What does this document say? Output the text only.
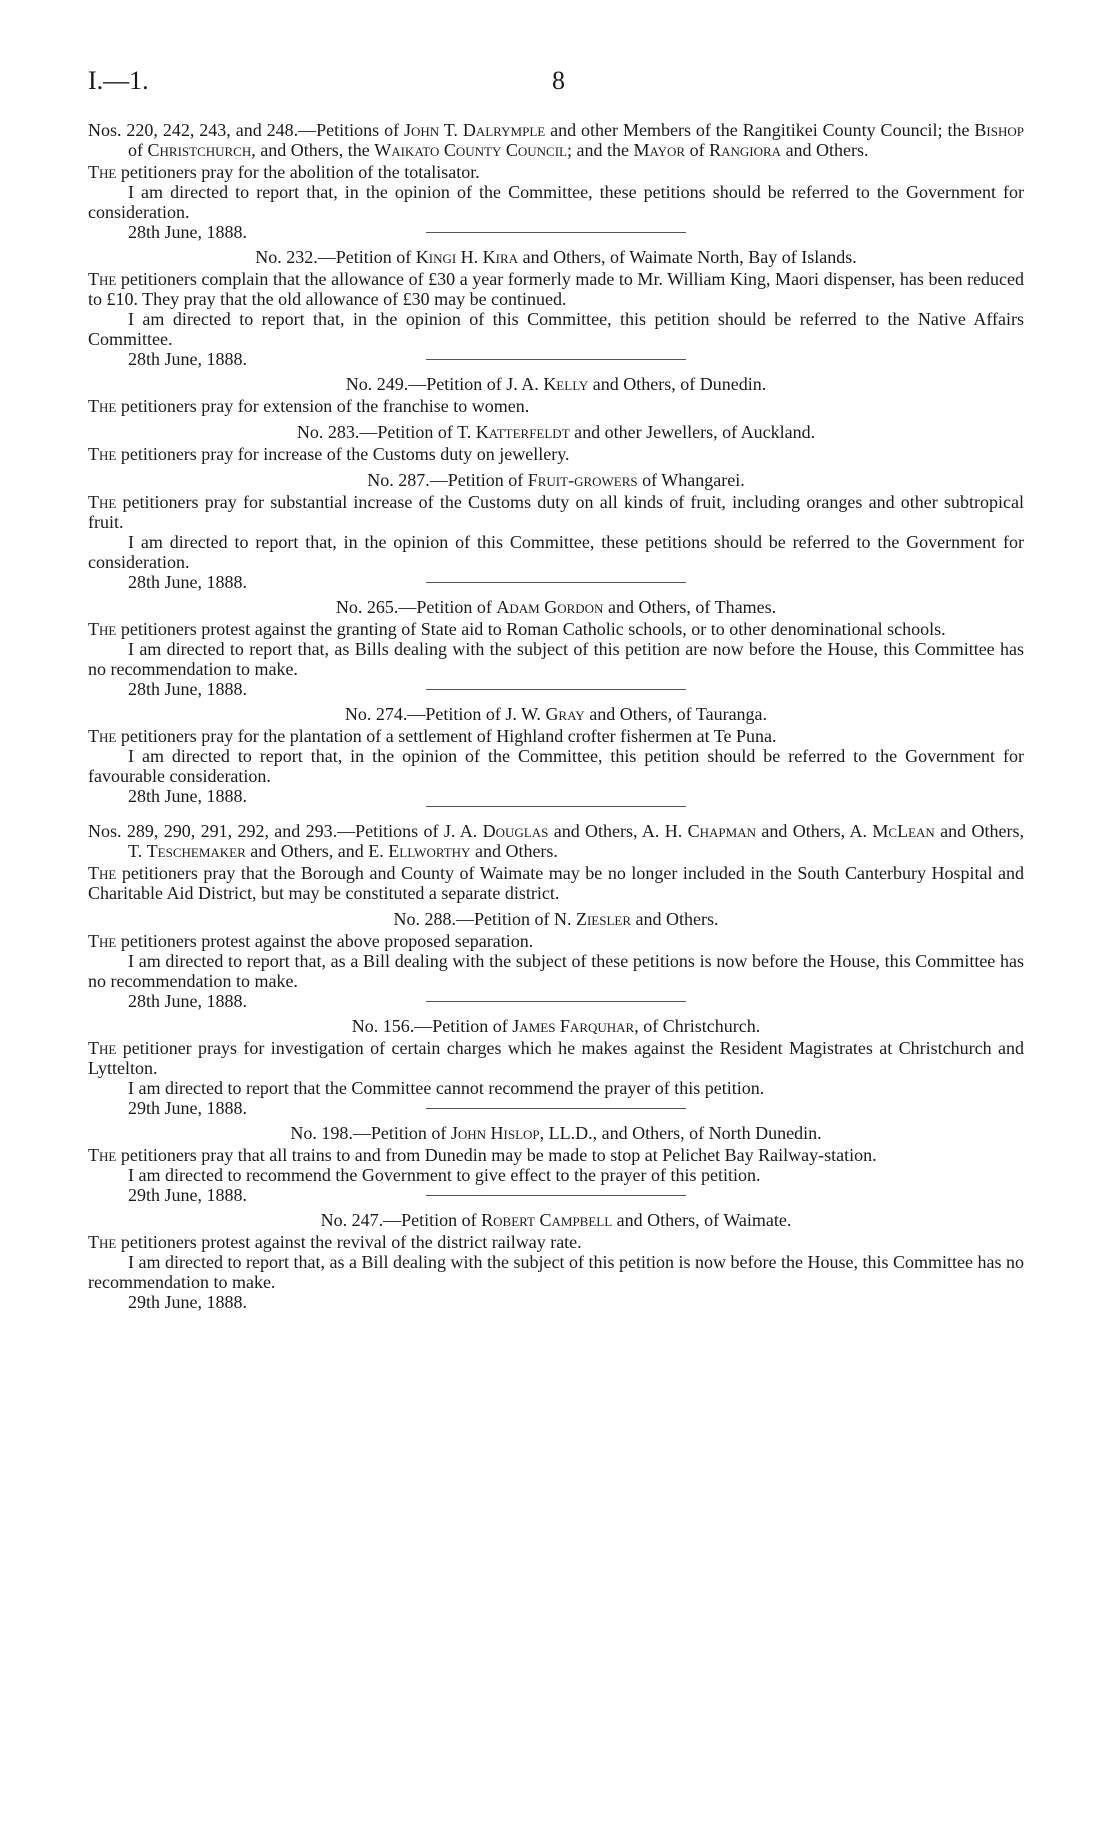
I.—1.	8

Nos. 220, 242, 243, and 248.—Petitions of John T. Dalrymple and other Members of the Rangitikei County Council; the Bishop of Christchurch, and Others, the Waikato County Council; and the Mayor of Rangiora and Others.

The petitioners pray for the abolition of the totalisator.

I am directed to report that, in the opinion of the Committee, these petitions should be referred to the Government for consideration.

28th June, 1888.

No. 232.—Petition of Kingi H. Kira and Others, of Waimate North, Bay of Islands.

The petitioners complain that the allowance of £30 a year formerly made to Mr. William King, Maori dispenser, has been reduced to £10. They pray that the old allowance of £30 may be continued.

I am directed to report that, in the opinion of this Committee, this petition should be referred to the Native Affairs Committee.

28th June, 1888.

No. 249.—Petition of J. A. Kelly and Others, of Dunedin.

The petitioners pray for extension of the franchise to women.

No. 283.—Petition of T. Katterfeldt and other Jewellers, of Auckland.

The petitioners pray for increase of the Customs duty on jewellery.

No. 287.—Petition of Fruit-growers of Whangarei.

The petitioners pray for substantial increase of the Customs duty on all kinds of fruit, including oranges and other subtropical fruit.

I am directed to report that, in the opinion of this Committee, these petitions should be referred to the Government for consideration.

28th June, 1888.

No. 265.—Petition of Adam Gordon and Others, of Thames.

The petitioners protest against the granting of State aid to Roman Catholic schools, or to other denominational schools.

I am directed to report that, as Bills dealing with the subject of this petition are now before the House, this Committee has no recommendation to make.

28th June, 1888.

No. 274.—Petition of J. W. Gray and Others, of Tauranga.

The petitioners pray for the plantation of a settlement of Highland crofter fishermen at Te Puna.

I am directed to report that, in the opinion of the Committee, this petition should be referred to the Government for favourable consideration.

28th June, 1888.

Nos. 289, 290, 291, 292, and 293.—Petitions of J. A. Douglas and Others, A. H. Chapman and Others, A. McLean and Others, T. Teschemaker and Others, and E. Ellworthy and Others.

The petitioners pray that the Borough and County of Waimate may be no longer included in the South Canterbury Hospital and Charitable Aid District, but may be constituted a separate district.

No. 288.—Petition of N. Ziesler and Others.

The petitioners protest against the above proposed separation.

I am directed to report that, as a Bill dealing with the subject of these petitions is now before the House, this Committee has no recommendation to make.

28th June, 1888.

No. 156.—Petition of James Farquhar, of Christchurch.

The petitioner prays for investigation of certain charges which he makes against the Resident Magistrates at Christchurch and Lyttelton.

I am directed to report that the Committee cannot recommend the prayer of this petition.

29th June, 1888.

No. 198.—Petition of John Hislop, LL.D., and Others, of North Dunedin.

The petitioners pray that all trains to and from Dunedin may be made to stop at Pelichet Bay Railway-station.

I am directed to recommend the Government to give effect to the prayer of this petition.

29th June, 1888.

No. 247.—Petition of Robert Campbell and Others, of Waimate.

The petitioners protest against the revival of the district railway rate.

I am directed to report that, as a Bill dealing with the subject of this petition is now before the House, this Committee has no recommendation to make.

29th June, 1888.
